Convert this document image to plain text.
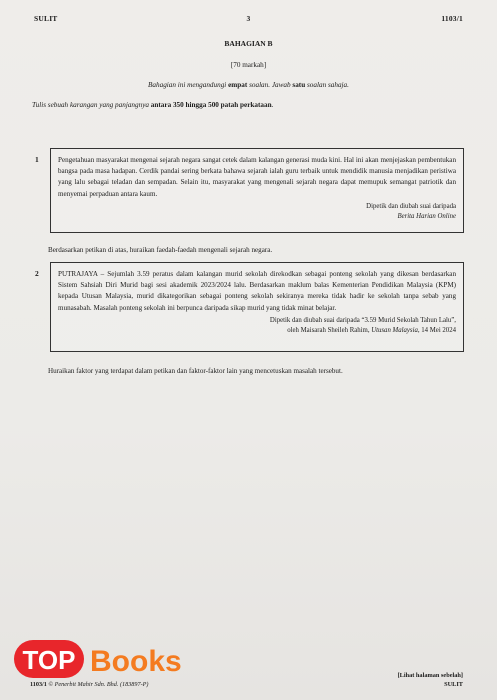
SULIT	3	1103/1
BAHAGIAN B
[70 markah]
Bahagian ini mengandungi empat soalan. Jawab satu soalan sahaja.
Tulis sebuah karangan yang panjangnya antara 350 hingga 500 patah perkataan.
1	Pengetahuan masyarakat mengenai sejarah negara sangat cetek dalam kalangan generasi muda kini. Hal ini akan menjejaskan pembentukan bangsa pada masa hadapan. Cerdik pandai sering berkata bahawa sejarah ialah guru terbaik untuk mendidik manusia menjadikan peristiwa yang lalu sebagai teladan dan sempadan. Selain itu, masyarakat yang mengenali sejarah negara dapat memupuk semangat patriotik dan menyemai perpaduan antara kaum.

Dipetik dan diubah suai daripada
Berita Harian Online
Berdasarkan petikan di atas, huraikan faedah-faedah mengenali sejarah negara.
2	PUTRAJAYA – Sejumlah 3.59 peratus dalam kalangan murid sekolah direkodkan sebagai ponteng sekolah yang dikesan berdasarkan Sistem Sahsiah Diri Murid bagi sesi akademik 2023/2024 lalu. Berdasarkan maklum balas Kementerian Pendidikan Malaysia (KPM) kepada Utusan Malaysia, murid dikategorikan sebagai ponteng sekolah sekiranya mereka tidak hadir ke sekolah tanpa sebab yang munasabah. Masalah ponteng sekolah ini berpunca daripada sikap murid yang tidak minat belajar.

Dipetik dan diubah suai daripada “3.59 Murid Sekolah Tahun Lalu”,
oleh Maisarah Sheileh Rahim, Utusan Malaysia, 14 Mei 2024
Huraikan faktor yang terdapat dalam petikan dan faktor-faktor lain yang mencetuskan masalah tersebut.
TOP Books
1103/1 © Penerbit Mahir Sdn. Bhd. (183897-P)
[Lihat halaman sebelah]
SULIT
